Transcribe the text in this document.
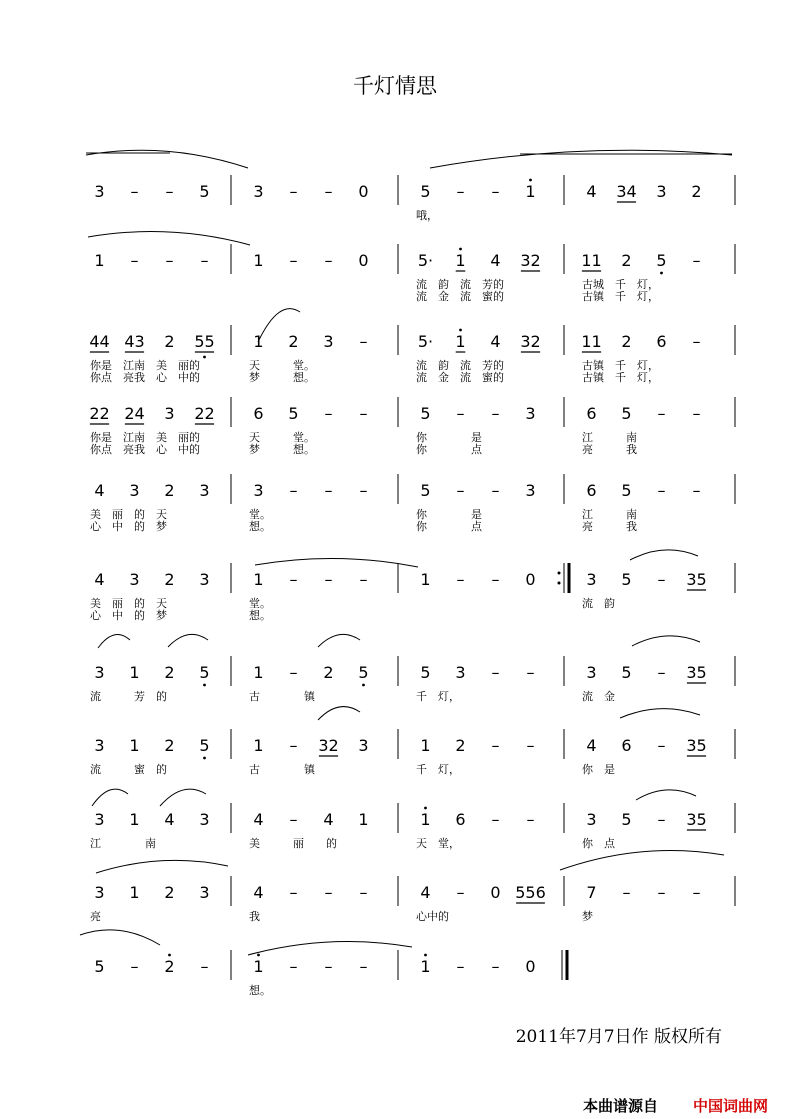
千灯情思
3 – – 5	3 – – 0	5 – – 1	4 34 3 2
哦，
1 – – –	1 – – 0	5· 1 4 32	11 2 5 –
流　韵　流　芳的	古城　千　灯，
流　金　流　蜜的	古镇　千　灯，
44 43 2 55 1 2 3 –	5· 1 4 32	11 2 6 –
你是　江南　美　丽的	天　　　堂。	流　韵　流　芳的	古镇　千　灯，
你点　亮我　心　中的	梦　　　想。	流　金　流　蜜的	古镇　千　灯，
22 24 3 22 6 5 – –	5 – – 3	6 5 – –
你是　江南　美　丽的	天　　　堂。	你　　　　是	江　　　南
你点　亮我　心　中的	梦　　　想。	你　　　　点	亮　　　我
4 3 2 3	3 – – –	5 – – 3	6 5 – –
美　丽　的　天	堂。	你　　　　是	江　　　南
心　中　的　梦	想。	你　　　　点	亮　　　我
4 3 2 3	1 – – –	1 – – 0	3 5 – 35
美　丽　的　天	堂。	流　韵
心　中　的　梦	想。
3 1 2 5	1 – 2 5	5 3 – –	3 5 – 35
流　　　芳　的	古　　　　镇	千　灯，	流　金
3 1 2 5	1 – 32 3	1 2 – –	4 6 – 35
流　　　蜜　的	古　　　　镇	千　灯，	你　是
3 1 4 3	4 – 4 1	1 6 – –	3 5 – 35
江　　　　南	美　　　丽　　的	天　堂，	你　点
3 1 2 3	4 – – –	4 – 0 556	7 – – –
亮	我	心中的	梦
5 – 2 –	1 – – –	1 – – 0
想。
2011年7月7日作 版权所有
本曲谱源自 中国词曲网
